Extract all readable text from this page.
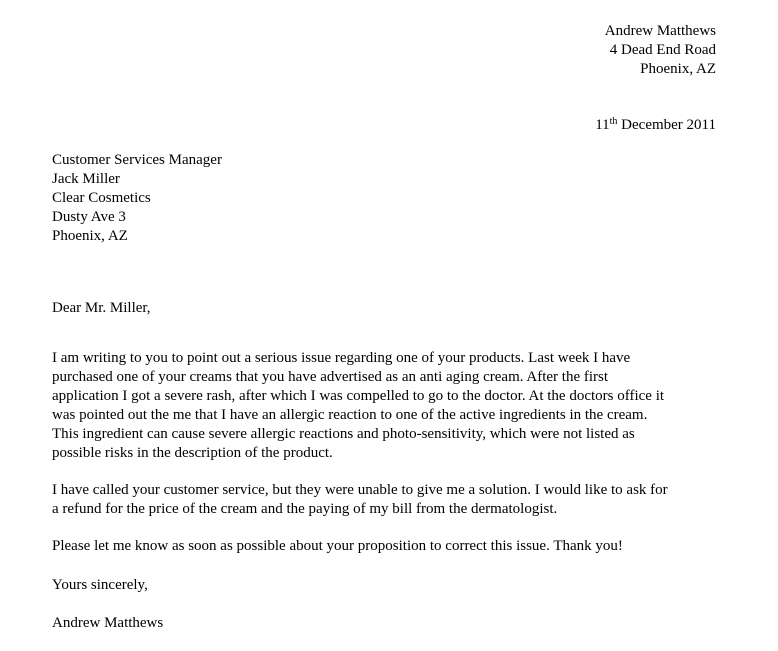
Andrew Matthews
4 Dead End Road
Phoenix, AZ
11th December 2011
Customer Services Manager
Jack Miller
Clear Cosmetics
Dusty Ave 3
Phoenix, AZ
Dear Mr. Miller,
I am writing to you to point out a serious issue regarding one of your products. Last week I have
purchased one of your creams that you have advertised as an anti aging cream. After the first
application I got a severe rash, after which I was compelled to go to the doctor. At the doctors office it
was pointed out the me that I have an allergic reaction to one of the active ingredients in the cream.
This ingredient can cause severe allergic reactions and photo-sensitivity, which were not listed as
possible risks in the description of the product.
I have called your customer service, but they were unable to give me a solution. I would like to ask for
a refund for the price of the cream and the paying of my bill from the dermatologist.
Please let me know as soon as possible about your proposition to correct this issue. Thank you!
Yours sincerely,
Andrew Matthews
